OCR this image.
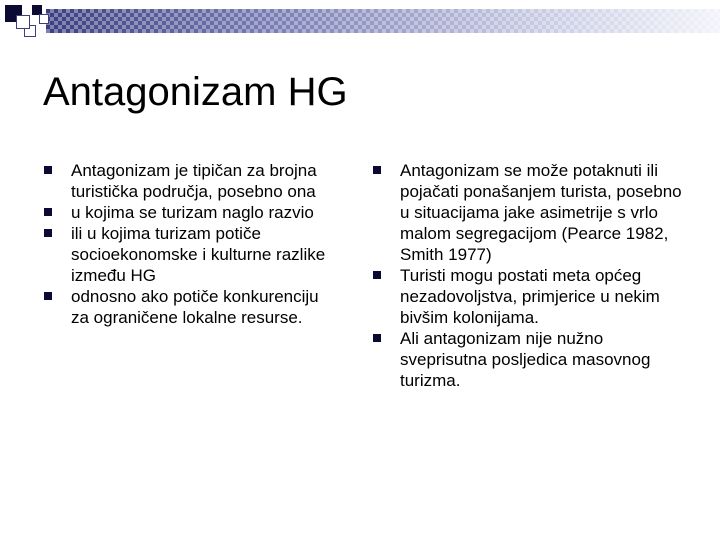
Antagonizam HG
Antagonizam je tipičan za brojna turistička područja, posebno ona
u kojima se turizam naglo razvio
ili u kojima turizam potiče socioekonomske i kulturne razlike između HG
odnosno ako potiče konkurenciju za ograničene lokalne resurse.
Antagonizam se može potaknuti ili pojačati ponašanjem turista, posebno u situacijama jake asimetrije s vrlo malom segregacijom (Pearce 1982, Smith 1977)
Turisti mogu postati meta općeg nezadovoljstva, primjerice u nekim bivšim kolonijama.
Ali antagonizam nije nužno sveprisutna posljedica masovnog turizma.
